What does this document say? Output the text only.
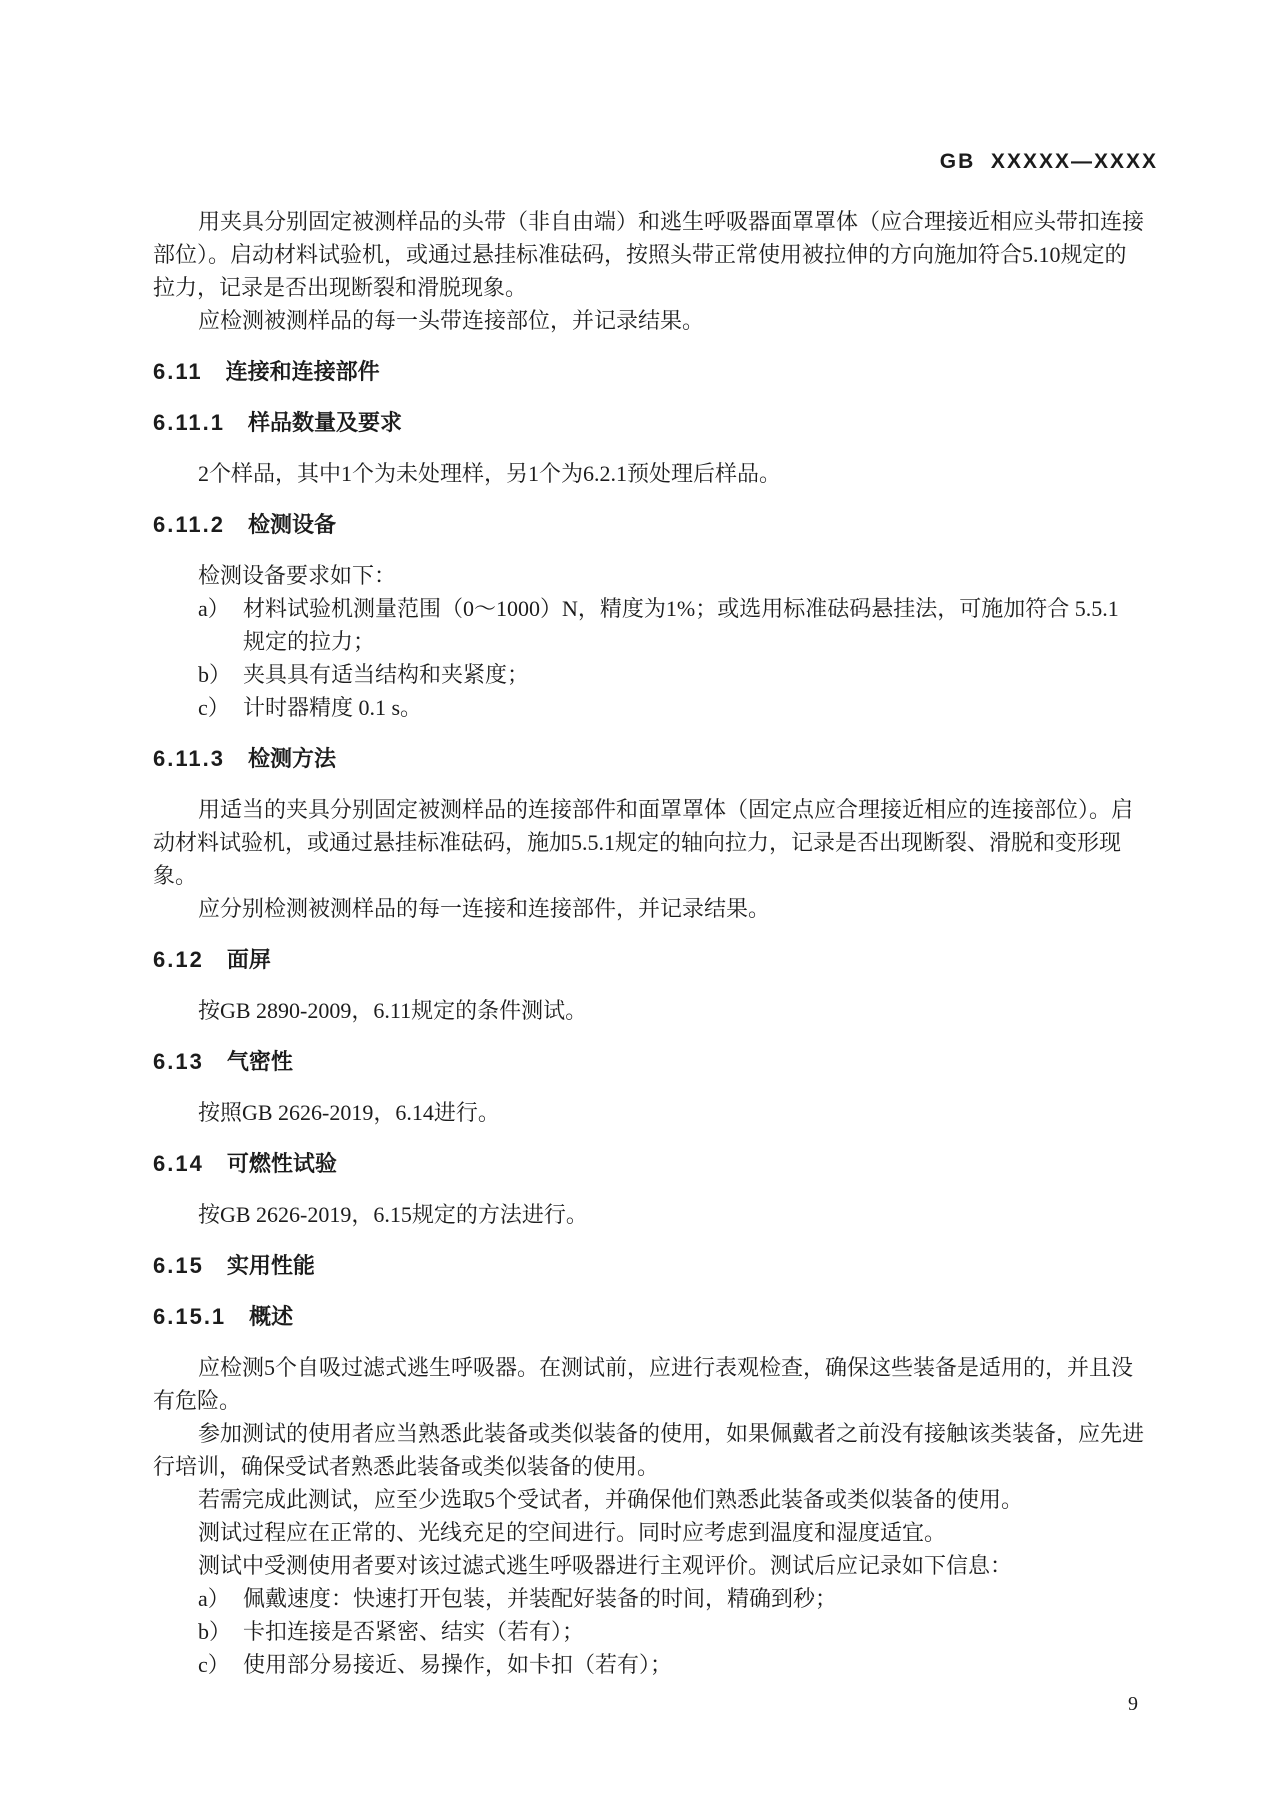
GB  XXXXX—XXXX
用夹具分别固定被测样品的头带（非自由端）和逃生呼吸器面罩罩体（应合理接近相应头带扣连接
部位）。启动材料试验机，或通过悬挂标准砝码，按照头带正常使用被拉伸的方向施加符合5.10规定的
拉力，记录是否出现断裂和滑脱现象。
应检测被测样品的每一头带连接部位，并记录结果。
6.11 连接和连接部件
6.11.1 样品数量及要求
2个样品，其中1个为未处理样，另1个为6.2.1预处理后样品。
6.11.2 检测设备
检测设备要求如下：
a） 材料试验机测量范围（0～1000）N，精度为1%；或选用标准砝码悬挂法，可施加符合 5.5.1
规定的拉力；
b） 夹具具有适当结构和夹紧度；
c） 计时器精度 0.1 s。
6.11.3 检测方法
用适当的夹具分别固定被测样品的连接部件和面罩罩体（固定点应合理接近相应的连接部位）。启
动材料试验机，或通过悬挂标准砝码，施加5.5.1规定的轴向拉力，记录是否出现断裂、滑脱和变形现
象。
应分别检测被测样品的每一连接和连接部件，并记录结果。
6.12 面屏
按GB 2890-2009，6.11规定的条件测试。
6.13 气密性
按照GB 2626-2019，6.14进行。
6.14 可燃性试验
按GB 2626-2019，6.15规定的方法进行。
6.15 实用性能
6.15.1 概述
应检测5个自吸过滤式逃生呼吸器。在测试前，应进行表观检查，确保这些装备是适用的，并且没
有危险。
参加测试的使用者应当熟悉此装备或类似装备的使用，如果佩戴者之前没有接触该类装备，应先进
行培训，确保受试者熟悉此装备或类似装备的使用。
若需完成此测试，应至少选取5个受试者，并确保他们熟悉此装备或类似装备的使用。
测试过程应在正常的、光线充足的空间进行。同时应考虑到温度和湿度适宜。
测试中受测使用者要对该过滤式逃生呼吸器进行主观评价。测试后应记录如下信息：
a） 佩戴速度：快速打开包装，并装配好装备的时间，精确到秒；
b） 卡扣连接是否紧密、结实（若有）；
c） 使用部分易接近、易操作，如卡扣（若有）；
9
